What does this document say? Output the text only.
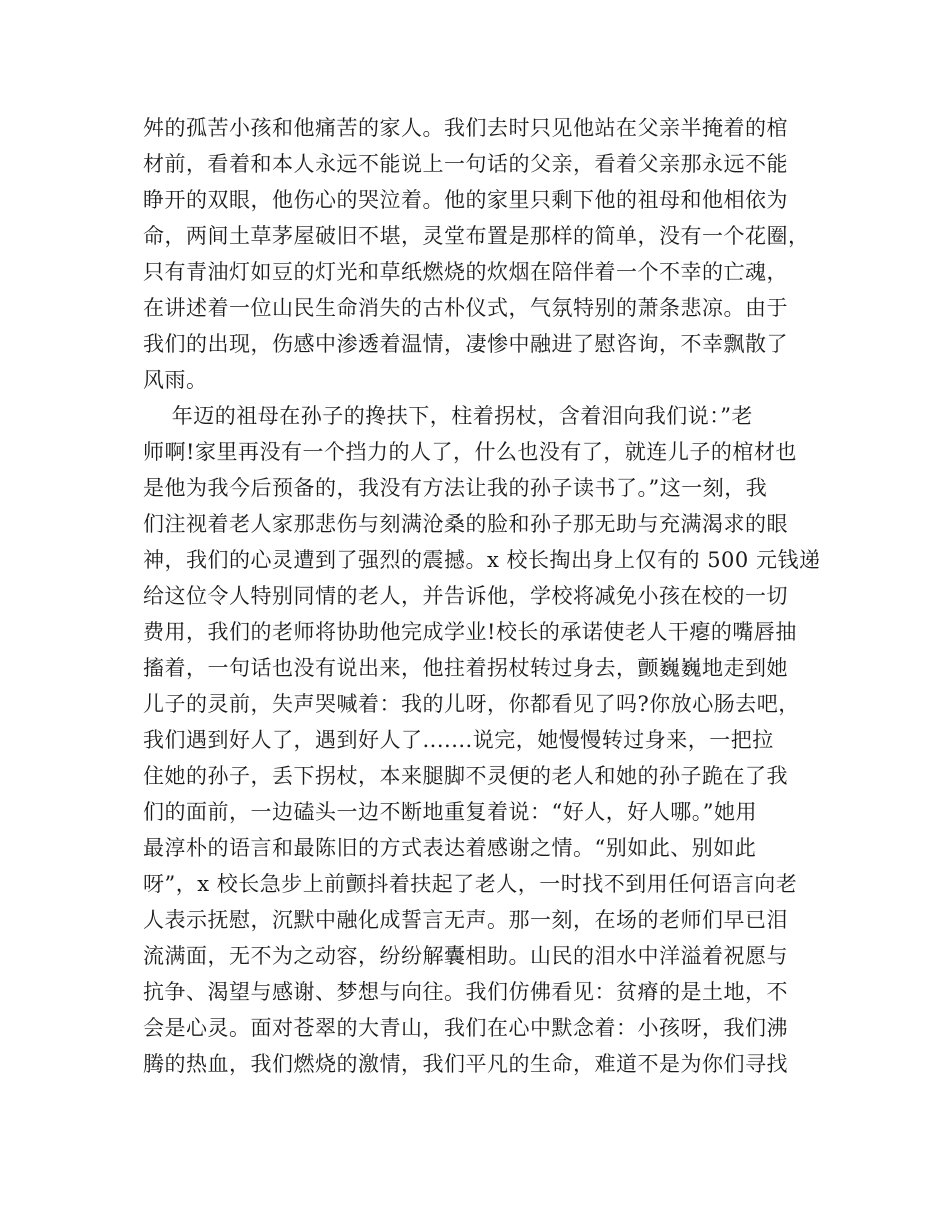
舛的孤苦小孩和他痛苦的家人。我们去时只见他站在父亲半掩着的棺
材前，看着和本人永远不能说上一句话的父亲，看着父亲那永远不能
睁开的双眼，他伤心的哭泣着。他的家里只剩下他的祖母和他相依为
命，两间土草茅屋破旧不堪，灵堂布置是那样的简单，没有一个花圈，
只有青油灯如豆的灯光和草纸燃烧的炊烟在陪伴着一个不幸的亡魂，
在讲述着一位山民生命消失的古朴仪式，气氛特别的萧条悲凉。由于
我们的出现，伤感中渗透着温情，凄惨中融进了慰咨询，不幸飘散了
风雨。
年迈的祖母在孙子的搀扶下，柱着拐杖，含着泪向我们说：”老
师啊!家里再没有一个挡力的人了，什么也没有了，就连儿子的棺材也
是他为我今后预备的，我没有方法让我的孙子读书了。”这一刻，我
们注视着老人家那悲伤与刻满沧桑的脸和孙子那无助与充满渴求的眼
神，我们的心灵遭到了强烈的震撼。x 校长掏出身上仅有的 500 元钱递
给这位令人特别同情的老人，并告诉他，学校将减免小孩在校的一切
费用，我们的老师将协助他完成学业!校长的承诺使老人干瘪的嘴唇抽
搐着，一句话也没有说出来，他拄着拐杖转过身去，颤巍巍地走到她
儿子的灵前，失声哭喊着：我的儿呀，你都看见了吗?你放心肠去吧，
我们遇到好人了，遇到好人了.......说完，她慢慢转过身来，一把拉
住她的孙子，丢下拐杖，本来腿脚不灵便的老人和她的孙子跪在了我
们的面前，一边磕头一边不断地重复着说：“好人，好人哪。”她用
最淳朴的语言和最陈旧的方式表达着感谢之情。“别如此、别如此
呀”，x 校长急步上前颤抖着扶起了老人，一时找不到用任何语言向老
人表示抚慰，沉默中融化成誓言无声。那一刻，在场的老师们早已泪
流满面，无不为之动容，纷纷解囊相助。山民的泪水中洋溢着祝愿与
抗争、渴望与感谢、梦想与向往。我们仿佛看见：贫瘠的是土地，不
会是心灵。面对苍翠的大青山，我们在心中默念着：小孩呀，我们沸
腾的热血，我们燃烧的激情，我们平凡的生命，难道不是为你们寻找
